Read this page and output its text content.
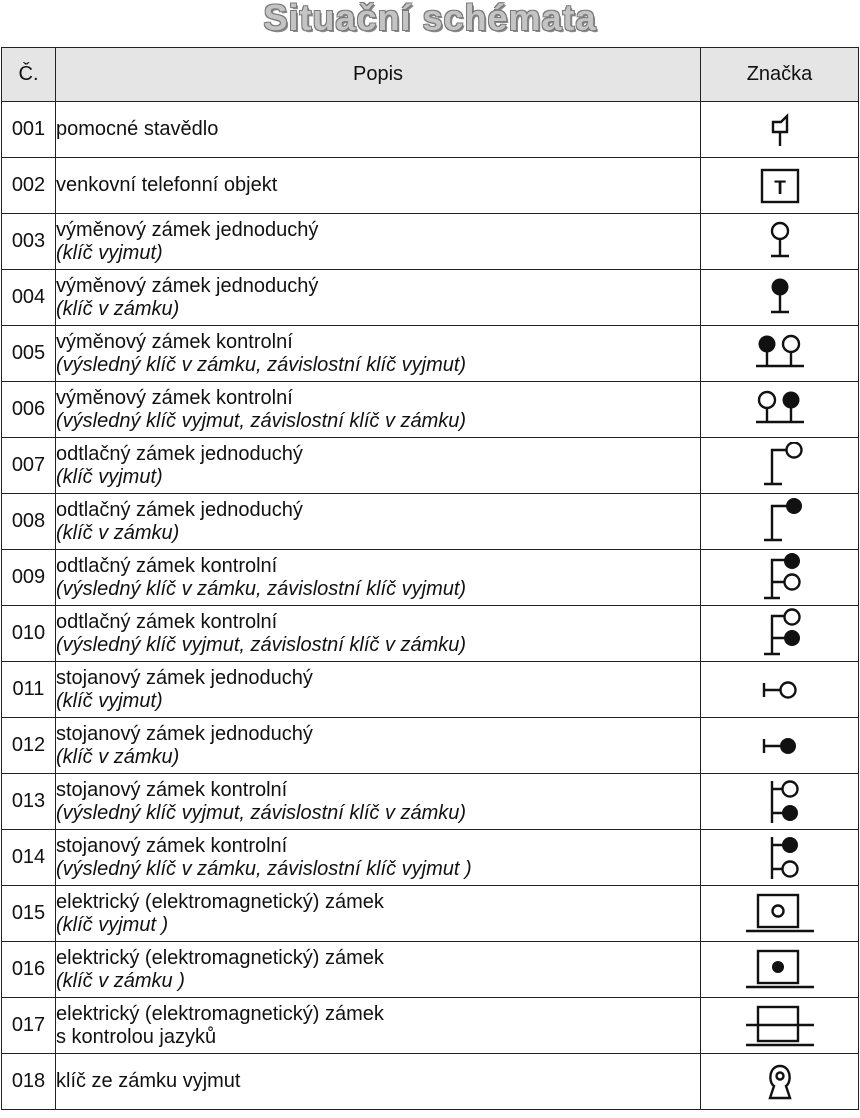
Situační schémata
Č.	Popis	Značka
001	pomocné stavědlo

002	venkovní telefonní objekt	T

003	výměnový zámek jednoduchý
(klíč vyjmut)

004	výměnový zámek jednoduchý
(klíč v zámku)

005	výměnový zámek kontrolní
(výsledný klíč v zámku, závislostní klíč vyjmut)

006	výměnový zámek kontrolní
(výsledný klíč vyjmut, závislostní klíč v zámku)

007	odtlačný zámek jednoduchý
(klíč vyjmut)

008	odtlačný zámek jednoduchý
(klíč v zámku)

009	odtlačný zámek kontrolní
(výsledný klíč v zámku, závislostní klíč vyjmut)

010	odtlačný zámek kontrolní
(výsledný klíč vyjmut, závislostní klíč v zámku)

011	stojanový zámek jednoduchý
(klíč vyjmut)

012	stojanový zámek jednoduchý
(klíč v zámku)

013	stojanový zámek kontrolní
(výsledný klíč vyjmut, závislostní klíč v zámku)

014	stojanový zámek kontrolní
(výsledný klíč v zámku, závislostní klíč vyjmut )

015	elektrický (elektromagnetický) zámek
(klíč vyjmut )

016	elektrický (elektromagnetický) zámek
(klíč v zámku )

017	elektrický (elektromagnetický) zámek
s kontrolou jazyků

018	klíč ze zámku vyjmut
